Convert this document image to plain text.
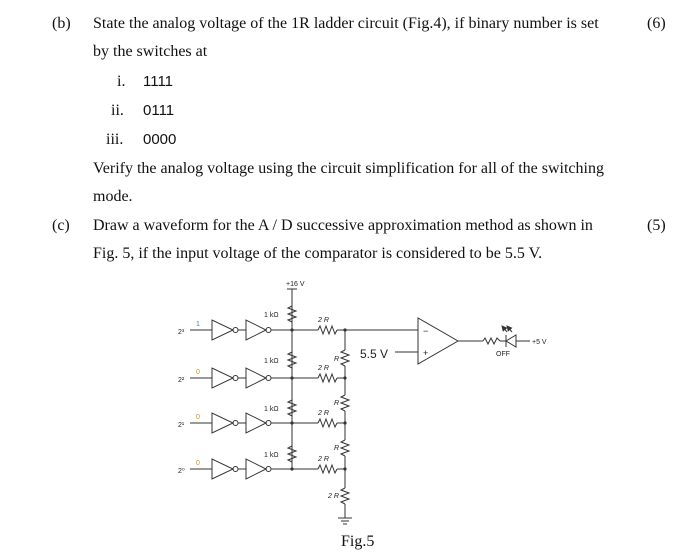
(b) State the analog voltage of the 1R ladder circuit (Fig.4), if binary number is set	(6)
by the switches at
i. 1111
ii. 0111
iii. 0000
Verify the analog voltage using the circuit simplification for all of the switching
mode.
(c) Draw a waveform for the A / D successive approximation method as shown in	(5)
Fig. 5, if the input voltage of the comparator is considered to be 5.5 V.
−
+
+16 V
2³
2²
2¹
2⁰
1
0
0
0
1 kΩ
1 kΩ
1 kΩ
1 kΩ
2 R
2 R
2 R
2 R
R
R
R
2 R
5.5 V
+5 V
OFF
Fig.5
